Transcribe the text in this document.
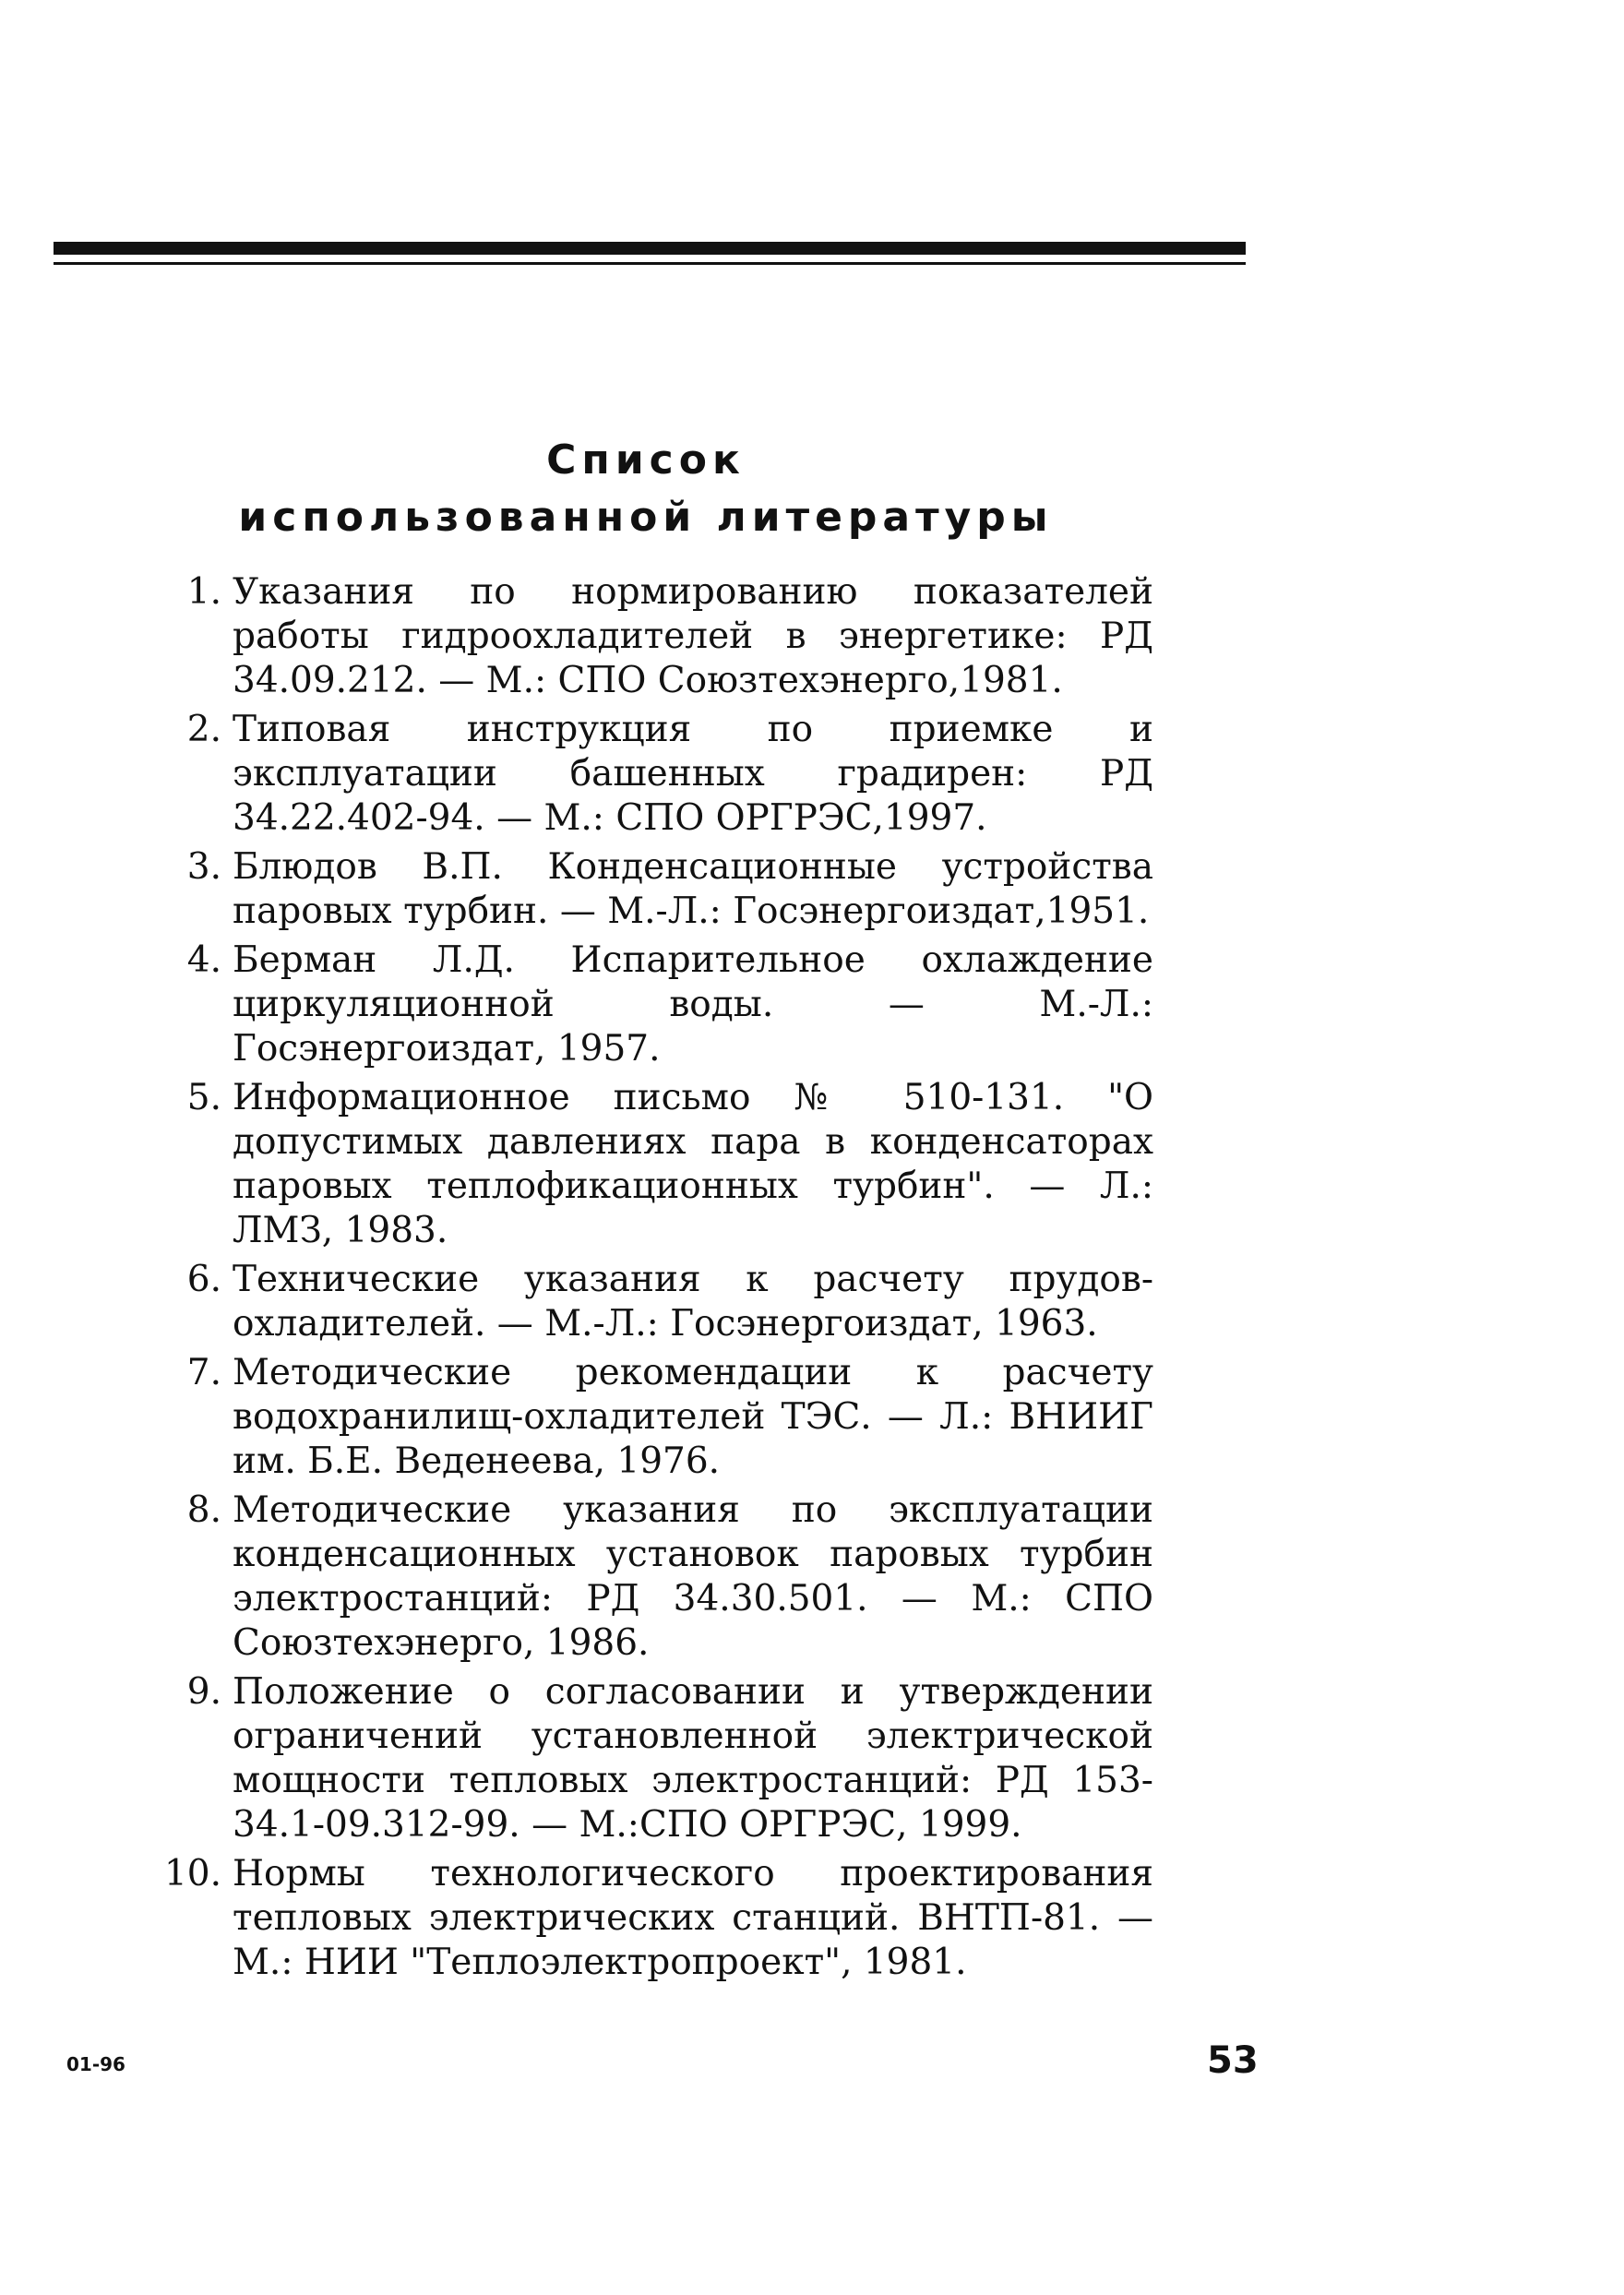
Список
использованной литературы
1. Указания по нормированию показателей работы гидроохладителей в энергетике: РД 34.09.212. — М.: СПО Союзтехэнерго,1981.
2. Типовая инструкция по приемке и эксплуатации башенных градирен: РД 34.22.402-94. — М.: СПО ОРГРЭС,1997.
3. Блюдов В.П. Конденсационные устройства паровых турбин. — М.-Л.: Госэнергоиздат,1951.
4. Берман Л.Д. Испарительное охлаждение циркуляционной воды. — М.-Л.: Госэнергоиздат, 1957.
5. Информационное письмо № 510-131. "О допустимых давлениях пара в конденсаторах паровых теплофикационных турбин". — Л.: ЛМЗ, 1983.
6. Технические указания к расчету прудов-охладителей. — М.-Л.: Госэнергоиздат, 1963.
7. Методические рекомендации к расчету водохранилищ-охладителей ТЭС. — Л.: ВНИИГ им. Б.Е. Веденеева, 1976.
8. Методические указания по эксплуатации конденсационных установок паровых турбин электростанций: РД 34.30.501. — М.: СПО Союзтехэнерго, 1986.
9. Положение о согласовании и утверждении ограничений установленной электрической мощности тепловых электростанций: РД 153-34.1-09.312-99. — М.:СПО ОРГРЭС, 1999.
10. Нормы технологического проектирования тепловых электрических станций. ВНТП-81. — М.: НИИ "Теплоэлектропроект", 1981.
01-96	53
